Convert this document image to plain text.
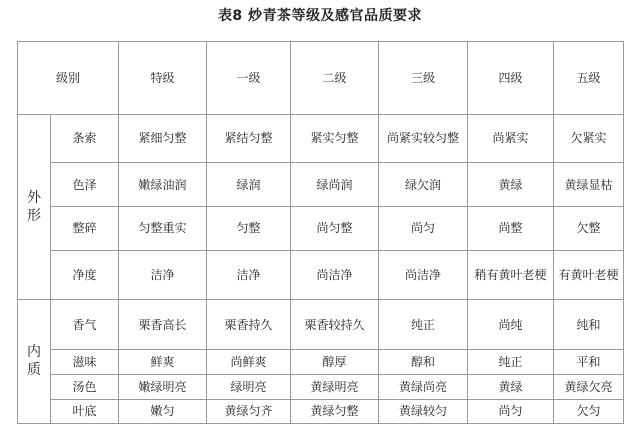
表8 炒青茶等级及感官品质要求
级别		特级	一级	二级	三级	四级	五级
外形	条索	紧细匀整	紧结匀整	紧实匀整	尚紧实较匀整	尚紧实	欠紧实
	色泽	嫩绿油润	绿润	绿尚润	绿欠润	黄绿	黄绿显枯
	整碎	匀整重实	匀整	尚匀整	尚匀	尚整	欠整
	净度	洁净	洁净	尚洁净	尚洁净	稍有黄叶老梗	有黄叶老梗
内质	香气	栗香高长	栗香持久	栗香较持久	纯正	尚纯	纯和
	滋味	鲜爽	尚鲜爽	醇厚	醇和	纯正	平和
	汤色	嫩绿明亮	绿明亮	黄绿明亮	黄绿尚亮	黄绿	黄绿欠亮
	叶底	嫩匀	黄绿匀齐	黄绿匀整	黄绿较匀	尚匀	欠匀
